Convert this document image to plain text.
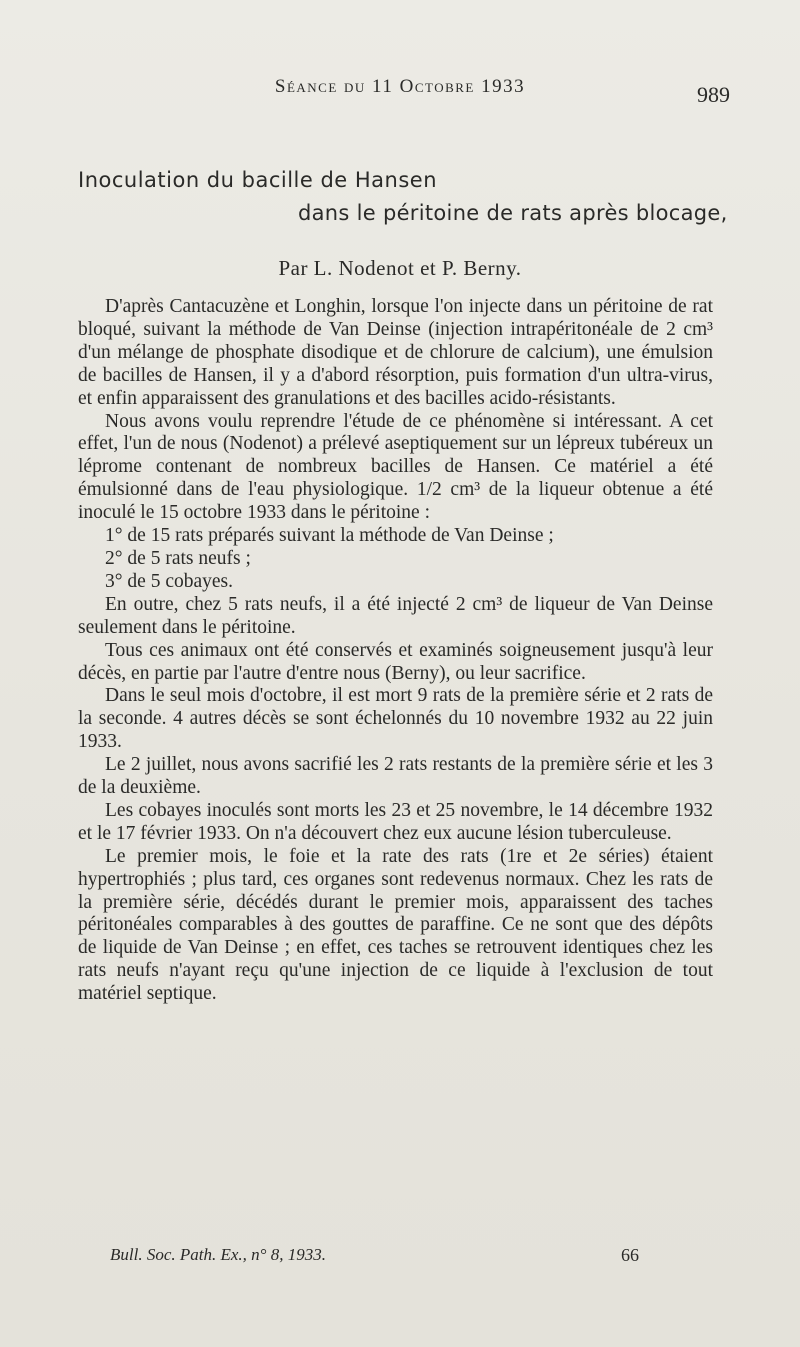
Séance du 11 Octobre 1933	989
Inoculation du bacille de Hansen
dans le péritoine de rats après blocage,
Par L. Nodenot et P. Berny.

D'après Cantacuzène et Longhin, lorsque l'on injecte dans un péritoine de rat bloqué, suivant la méthode de Van Deinse (injection intrapéritonéale de 2 cm³ d'un mélange de phosphate disodique et de chlorure de calcium), une émulsion de bacilles de Hansen, il y a d'abord résorption, puis formation d'un ultra-virus, et enfin apparaissent des granulations et des bacilles acido-résistants.

Nous avons voulu reprendre l'étude de ce phénomène si intéressant. A cet effet, l'un de nous (Nodenot) a prélevé aseptiquement sur un lépreux tubéreux un léprome contenant de nombreux bacilles de Hansen. Ce matériel a été émulsionné dans de l'eau physiologique. 1/2 cm³ de la liqueur obtenue a été inoculé le 15 octobre 1933 dans le péritoine :

1° de 15 rats préparés suivant la méthode de Van Deinse ;

2° de 5 rats neufs ;

3° de 5 cobayes.

En outre, chez 5 rats neufs, il a été injecté 2 cm³ de liqueur de Van Deinse seulement dans le péritoine.

Tous ces animaux ont été conservés et examinés soigneusement jusqu'à leur décès, en partie par l'autre d'entre nous (Berny), ou leur sacrifice.

Dans le seul mois d'octobre, il est mort 9 rats de la première série et 2 rats de la seconde. 4 autres décès se sont échelonnés du 10 novembre 1932 au 22 juin 1933.

Le 2 juillet, nous avons sacrifié les 2 rats restants de la première série et les 3 de la deuxième.

Les cobayes inoculés sont morts les 23 et 25 novembre, le 14 décembre 1932 et le 17 février 1933. On n'a découvert chez eux aucune lésion tuberculeuse.

Le premier mois, le foie et la rate des rats (1re et 2e séries) étaient hypertrophiés ; plus tard, ces organes sont redevenus normaux. Chez les rats de la première série, décédés durant le premier mois, apparaissent des taches péritonéales comparables à des gouttes de paraffine. Ce ne sont que des dépôts de liquide de Van Deinse ; en effet, ces taches se retrouvent identiques chez les rats neufs n'ayant reçu qu'une injection de ce liquide à l'exclusion de tout matériel septique.

Bull. Soc. Path. Ex., n° 8, 1933.	66
